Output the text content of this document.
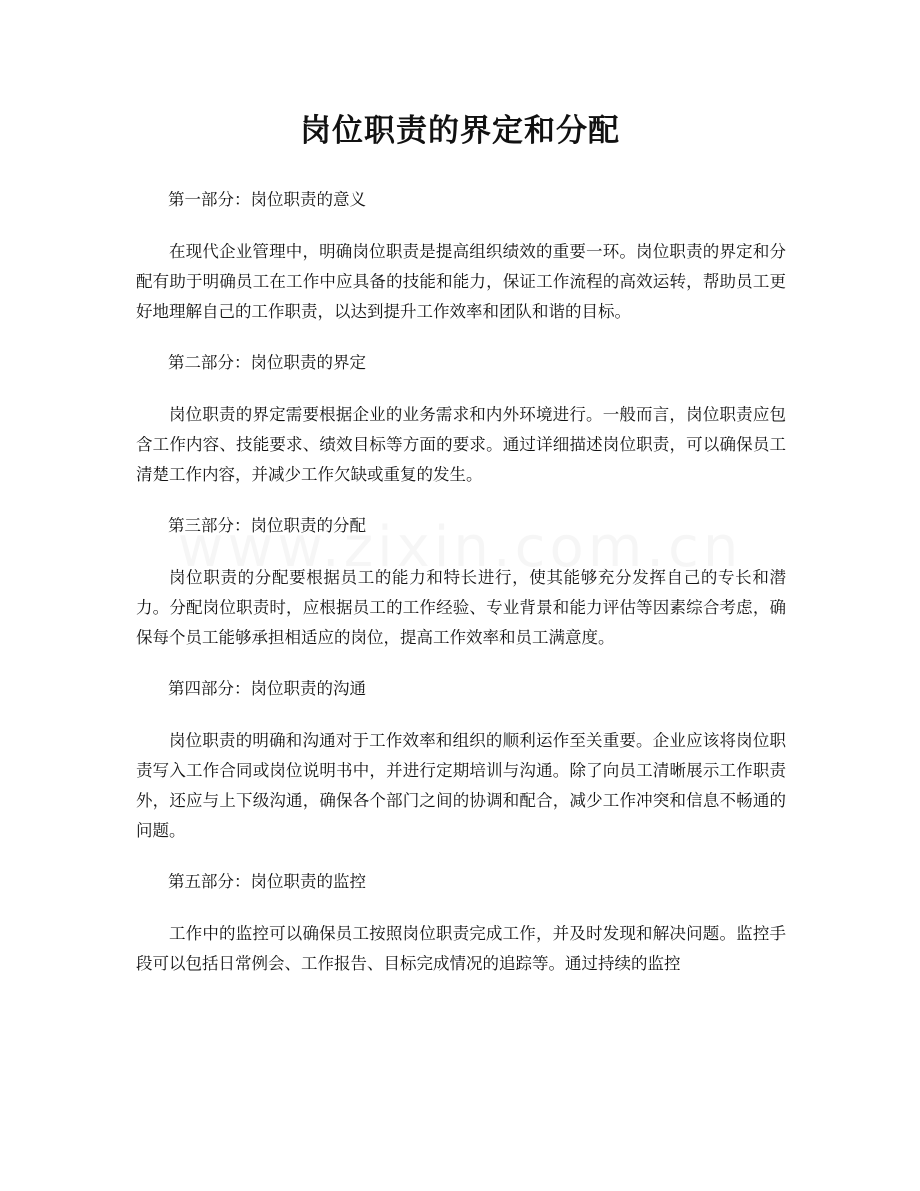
岗位职责的界定和分配
第一部分：岗位职责的意义

在现代企业管理中，明确岗位职责是提高组织绩效的重要一环。岗位职责的界定和分配有助于明确员工在工作中应具备的技能和能力，保证工作流程的高效运转，帮助员工更好地理解自己的工作职责，以达到提升工作效率和团队和谐的目标。

第二部分：岗位职责的界定

岗位职责的界定需要根据企业的业务需求和内外环境进行。一般而言，岗位职责应包含工作内容、技能要求、绩效目标等方面的要求。通过详细描述岗位职责，可以确保员工清楚工作内容，并减少工作欠缺或重复的发生。

第三部分：岗位职责的分配

岗位职责的分配要根据员工的能力和特长进行，使其能够充分发挥自己的专长和潜力。分配岗位职责时，应根据员工的工作经验、专业背景和能力评估等因素综合考虑，确保每个员工能够承担相适应的岗位，提高工作效率和员工满意度。

第四部分：岗位职责的沟通

岗位职责的明确和沟通对于工作效率和组织的顺利运作至关重要。企业应该将岗位职责写入工作合同或岗位说明书中，并进行定期培训与沟通。除了向员工清晰展示工作职责外，还应与上下级沟通，确保各个部门之间的协调和配合，减少工作冲突和信息不畅通的问题。

第五部分：岗位职责的监控

工作中的监控可以确保员工按照岗位职责完成工作，并及时发现和解决问题。监控手段可以包括日常例会、工作报告、目标完成情况的追踪等。通过持续的监控
